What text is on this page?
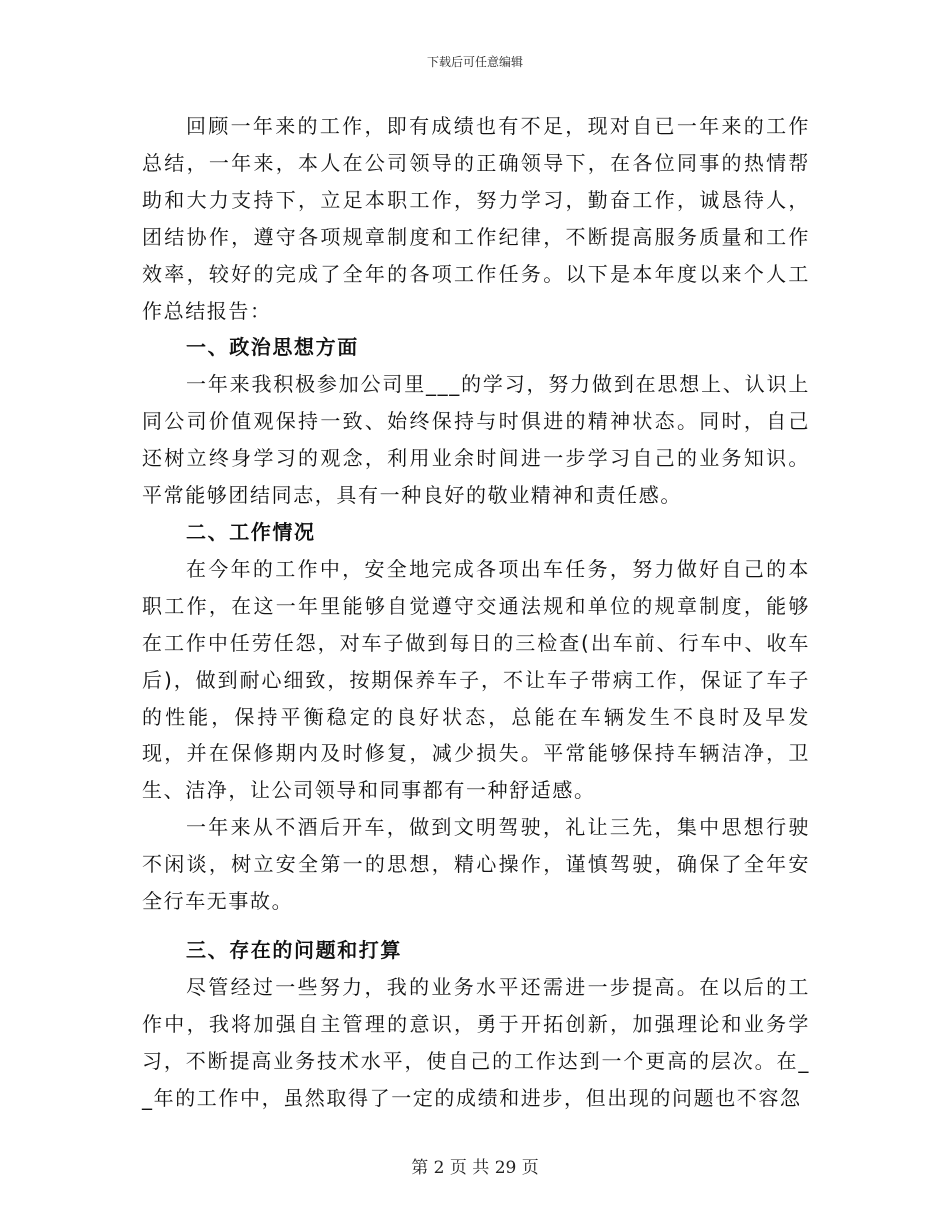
下载后可任意编辑

回顾一年来的工作，即有成绩也有不足，现对自已一年来的工作总结，一年来，本人在公司领导的正确领导下，在各位同事的热情帮助和大力支持下，立足本职工作，努力学习，勤奋工作，诚恳待人，团结协作，遵守各项规章制度和工作纪律，不断提高服务质量和工作效率，较好的完成了全年的各项工作任务。以下是本年度以来个人工作总结报告：

一、政治思想方面

一年来我积极参加公司里___的学习，努力做到在思想上、认识上同公司价值观保持一致、始终保持与时俱进的精神状态。同时，自己还树立终身学习的观念，利用业余时间进一步学习自己的业务知识。平常能够团结同志，具有一种良好的敬业精神和责任感。

二、工作情况

在今年的工作中，安全地完成各项出车任务，努力做好自己的本职工作，在这一年里能够自觉遵守交通法规和单位的规章制度，能够在工作中任劳任怨，对车子做到每日的三检查(出车前、行车中、收车后)，做到耐心细致，按期保养车子，不让车子带病工作，保证了车子的性能，保持平衡稳定的良好状态，总能在车辆发生不良时及早发现，并在保修期内及时修复，减少损失。平常能够保持车辆洁净，卫生、洁净，让公司领导和同事都有一种舒适感。

一年来从不酒后开车，做到文明驾驶，礼让三先，集中思想行驶不闲谈，树立安全第一的思想，精心操作，谨慎驾驶，确保了全年安全行车无事故。

三、存在的问题和打算

尽管经过一些努力，我的业务水平还需进一步提高。在以后的工作中，我将加强自主管理的意识，勇于开拓创新，加强理论和业务学习，不断提高业务技术水平，使自己的工作达到一个更高的层次。在__年的工作中，虽然取得了一定的成绩和进步，但出现的问题也不容忽

第 2 页 共 29 页
